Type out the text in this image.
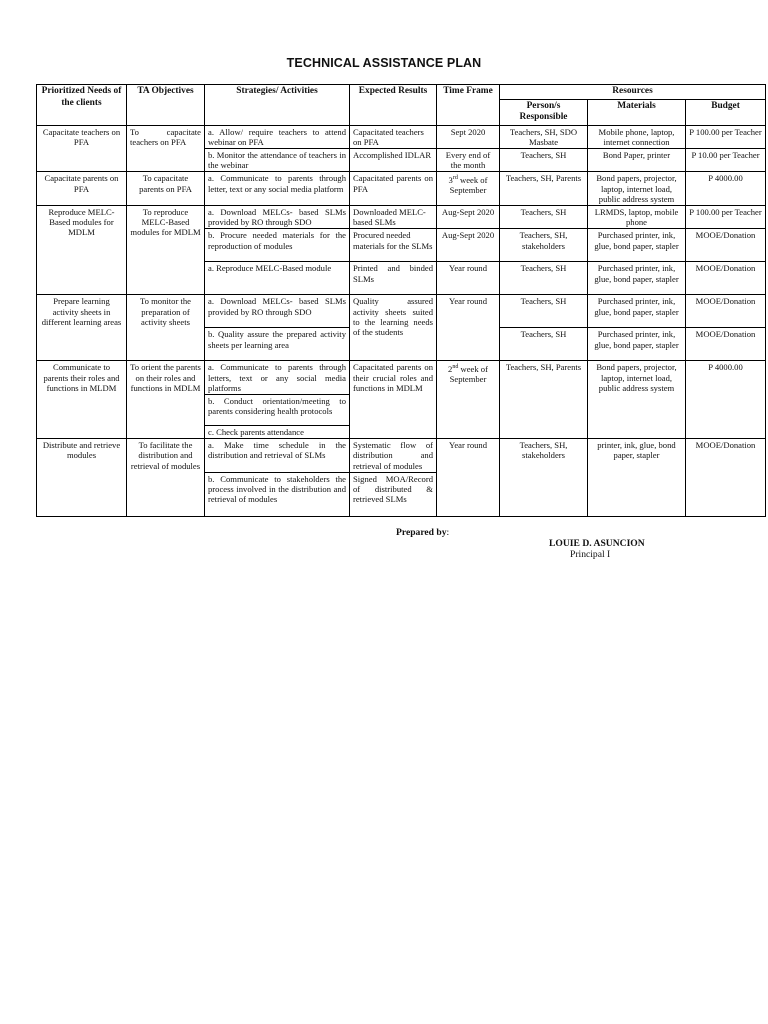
TECHNICAL ASSISTANCE PLAN
Prioritized Needs of the clients	TA Objectives	Strategies/ Activities	Expected Results	Time Frame	Resources		
					Person/s Responsible	Materials	Budget
Capacitate teachers on PFA	To capacitate teachers on PFA	a. Allow/ require teachers to attend webinar on PFA	Capacitated teachers on PFA	Sept 2020	Teachers, SH, SDO Masbate	Mobile phone, laptop, internet connection	P 100.00 per Teacher
		b. Monitor the attendance of teachers in the webinar	Accomplished IDLAR	Every end of the month	Teachers, SH	Bond Paper, printer	P 10.00 per Teacher
Capacitate parents on PFA	To capacitate parents on PFA	a. Communicate to parents through letter, text or any social media platform	Capacitated parents on PFA	3rd week of September	Teachers, SH, Parents	Bond papers, projector, laptop, internet load, public address system	P 4000.00
Reproduce MELC-Based modules for MDLM	To reproduce MELC-Based modules for MDLM	a. Download MELCs- based SLMs provided by RO through SDO	Downloaded MELC-based SLMs	Aug-Sept 2020	Teachers, SH	LRMDS, laptop, mobile phone	P 100.00 per Teacher
		b. Procure needed materials for the reproduction of modules	Procured needed materials for the SLMs	Aug-Sept 2020	Teachers, SH, stakeholders	Purchased printer, ink, glue, bond paper, stapler	MOOE/Donation
		a. Reproduce MELC-Based module	Printed and binded SLMs	Year round	Teachers, SH	Purchased printer, ink, glue, bond paper, stapler	MOOE/Donation
Prepare learning activity sheets in different learning areas	To monitor the preparation of activity sheets	a. Download MELCs- based SLMs provided by RO through SDO	Quality assured activity sheets suited to the learning needs of the students	Year round	Teachers, SH	Purchased printer, ink, glue, bond paper, stapler	MOOE/Donation
		b. Quality assure the prepared activity sheets per learning area			Teachers, SH	Purchased printer, ink, glue, bond paper, stapler	MOOE/Donation
Communicate to parents their roles and functions in MLDM	To orient the parents on their roles and functions in MDLM	a. Communicate to parents through letters, text or any social media platforms	Capacitated parents on their crucial roles and functions in MDLM	2nd week of September	Teachers, SH, Parents	Bond papers, projector, laptop, internet load, public address system	P 4000.00
		b. Conduct orientation/meeting to parents considering health protocols					
		c. Check parents attendance					
Distribute and retrieve modules	To facilitate the distribution and retrieval of modules	a. Make time schedule in the distribution and retrieval of SLMs	Systematic flow of distribution and retrieval of modules	Year round	Teachers, SH, stakeholders	printer, ink, glue, bond paper, stapler	MOOE/Donation
		b. Communicate to stakeholders the process involved in the distribution and retrieval of modules	Signed MOA/Record of distributed & retrieved SLMs				
Prepared by:
LOUIE D. ASUNCION
Principal I
